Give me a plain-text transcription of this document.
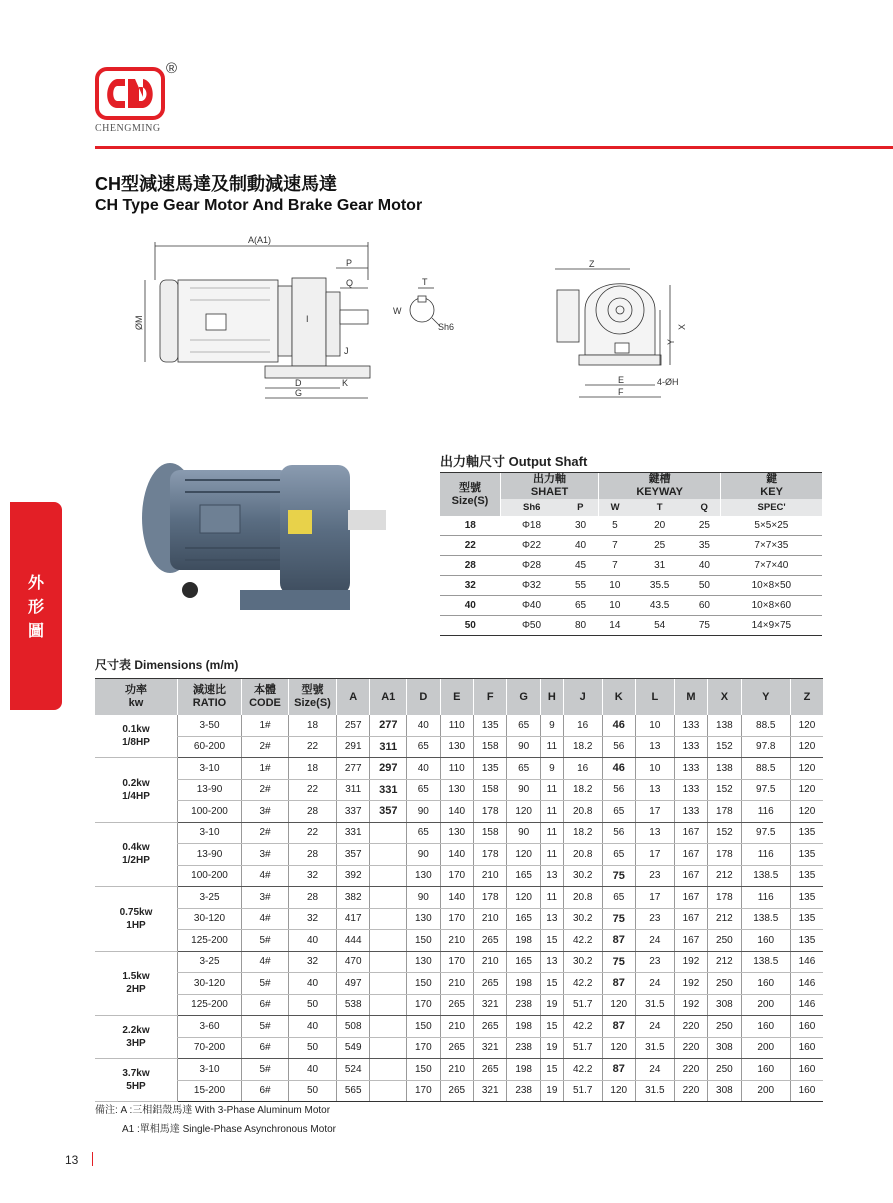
CHENGMING
®
CH型減速馬達及制動減速馬達
CH Type Gear Motor And Brake Gear Motor
外
形
圖
A(A1)
P
Q
ØM
D
G
K
I
J
T
W
Sh6
Z
X
Y
E
F
4-ØH
出力軸尺寸 Output Shaft
型號
Size(S)	出力軸
SHAET		鍵槽
KEYWAY			鍵
KEY
	Sh6	P	W	T	Q	SPEC'
18	Φ18	30	5	20	25	5×5×25
22	Φ22	40	7	25	35	7×7×35
28	Φ28	45	7	31	40	7×7×40
32	Φ32	55	10	35.5	50	10×8×50
40	Φ40	65	10	43.5	60	10×8×60
50	Φ50	80	14	54	75	14×9×75
尺寸表 Dimensions (m/m)
功率
kw	減速比
RATIO	本體
CODE	型號
Size(S)	A	A1	D	E	F	G	H	J	K	L	M	X	Y	Z
0.1kw
1/8HP	3-50	1#	18	257	277	40	110	135	65	9	16	46	10	133	138	88.5	120
	60-200	2#	22	291	311	65	130	158	90	11	18.2	56	13	133	152	97.8	120
0.2kw
1/4HP	3-10	1#	18	277	297	40	110	135	65	9	16	46	10	133	138	88.5	120
	13-90	2#	22	311	331	65	130	158	90	11	18.2	56	13	133	152	97.5	120
	100-200	3#	28	337	357	90	140	178	120	11	20.8	65	17	133	178	116	120
0.4kw
1/2HP	3-10	2#	22	331		65	130	158	90	11	18.2	56	13	167	152	97.5	135
	13-90	3#	28	357		90	140	178	120	11	20.8	65	17	167	178	116	135
	100-200	4#	32	392		130	170	210	165	13	30.2	75	23	167	212	138.5	135
0.75kw
1HP	3-25	3#	28	382		90	140	178	120	11	20.8	65	17	167	178	116	135
	30-120	4#	32	417		130	170	210	165	13	30.2	75	23	167	212	138.5	135
	125-200	5#	40	444		150	210	265	198	15	42.2	87	24	167	250	160	135
1.5kw
2HP	3-25	4#	32	470		130	170	210	165	13	30.2	75	23	192	212	138.5	146
	30-120	5#	40	497		150	210	265	198	15	42.2	87	24	192	250	160	146
	125-200	6#	50	538		170	265	321	238	19	51.7	120	31.5	192	308	200	146
2.2kw
3HP	3-60	5#	40	508		150	210	265	198	15	42.2	87	24	220	250	160	160
	70-200	6#	50	549		170	265	321	238	19	51.7	120	31.5	220	308	200	160
3.7kw
5HP	3-10	5#	40	524		150	210	265	198	15	42.2	87	24	220	250	160	160
	15-200	6#	50	565		170	265	321	238	19	51.7	120	31.5	220	308	200	160
備注: A :三相鋁殼馬達 With 3-Phase Aluminum Motor
A1 :單相馬達 Single-Phase Asynchronous Motor
13
